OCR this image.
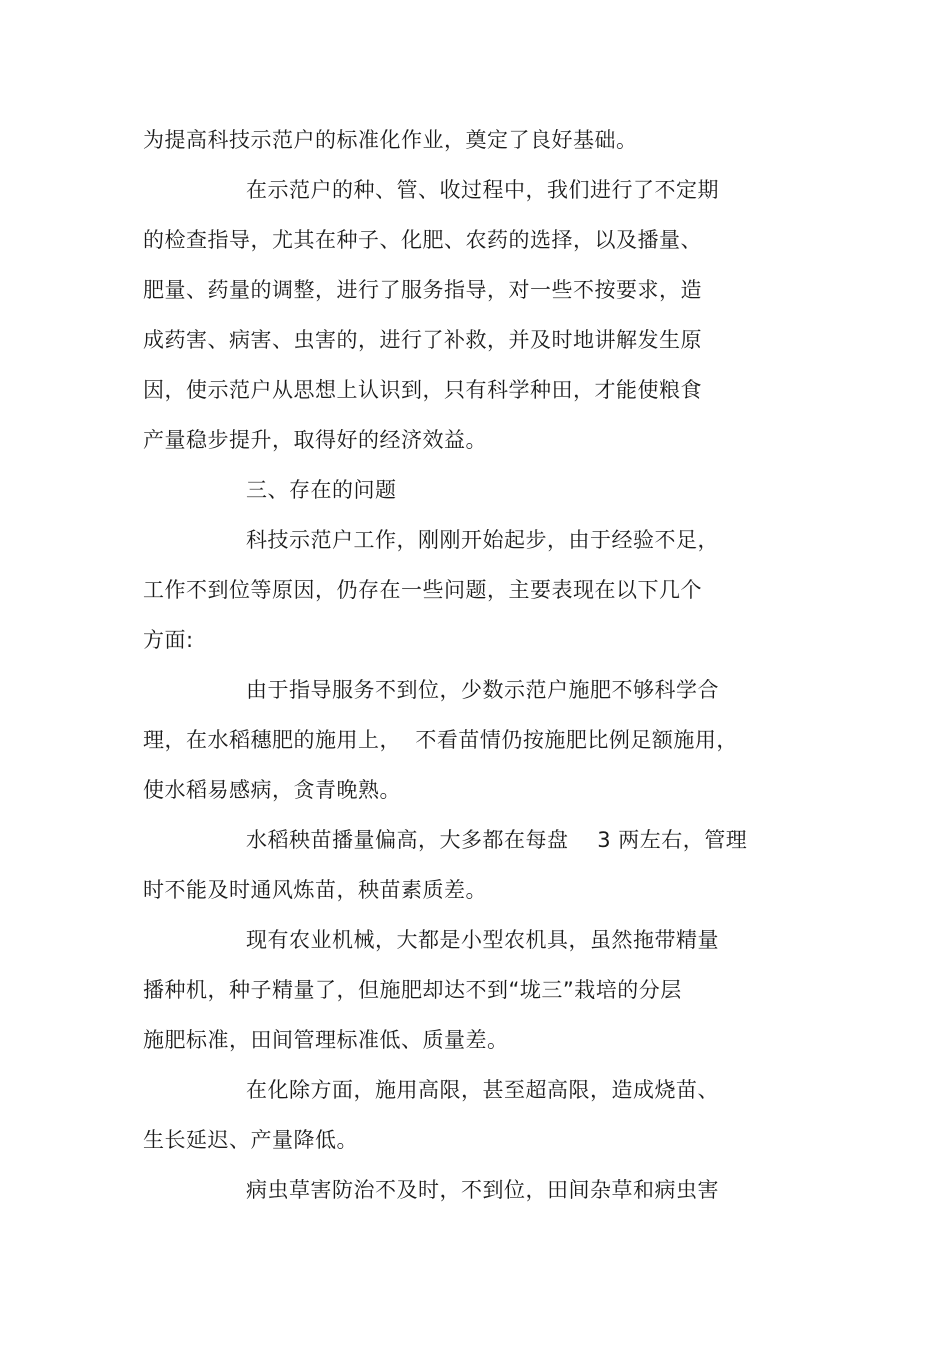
为提高科技示范户的标准化作业，奠定了良好基础。

在示范户的种、管、收过程中，我们进行了不定期

的检查指导，尤其在种子、化肥、农药的选择，以及播量、

肥量、药量的调整，进行了服务指导，对一些不按要求，造

成药害、病害、虫害的，进行了补救，并及时地讲解发生原

因，使示范户从思想上认识到，只有科学种田，才能使粮食

产量稳步提升，取得好的经济效益。

三、存在的问题

科技示范户工作，刚刚开始起步，由于经验不足，

工作不到位等原因，仍存在一些问题，主要表现在以下几个

方面:

由于指导服务不到位，少数示范户施肥不够科学合

理，在水稻穗肥的施用上，  不看苗情仍按施肥比例足额施用，

使水稻易感病，贪青晚熟。

水稻秧苗播量偏高，大多都在每盘    3 两左右，管理

时不能及时通风炼苗，秧苗素质差。

现有农业机械，大都是小型农机具，虽然拖带精量

播种机，种子精量了，但施肥却达不到“垅三”栽培的分层

施肥标准，田间管理标准低、质量差。

在化除方面，施用高限，甚至超高限，造成烧苗、

生长延迟、产量降低。

病虫草害防治不及时，不到位，田间杂草和病虫害
